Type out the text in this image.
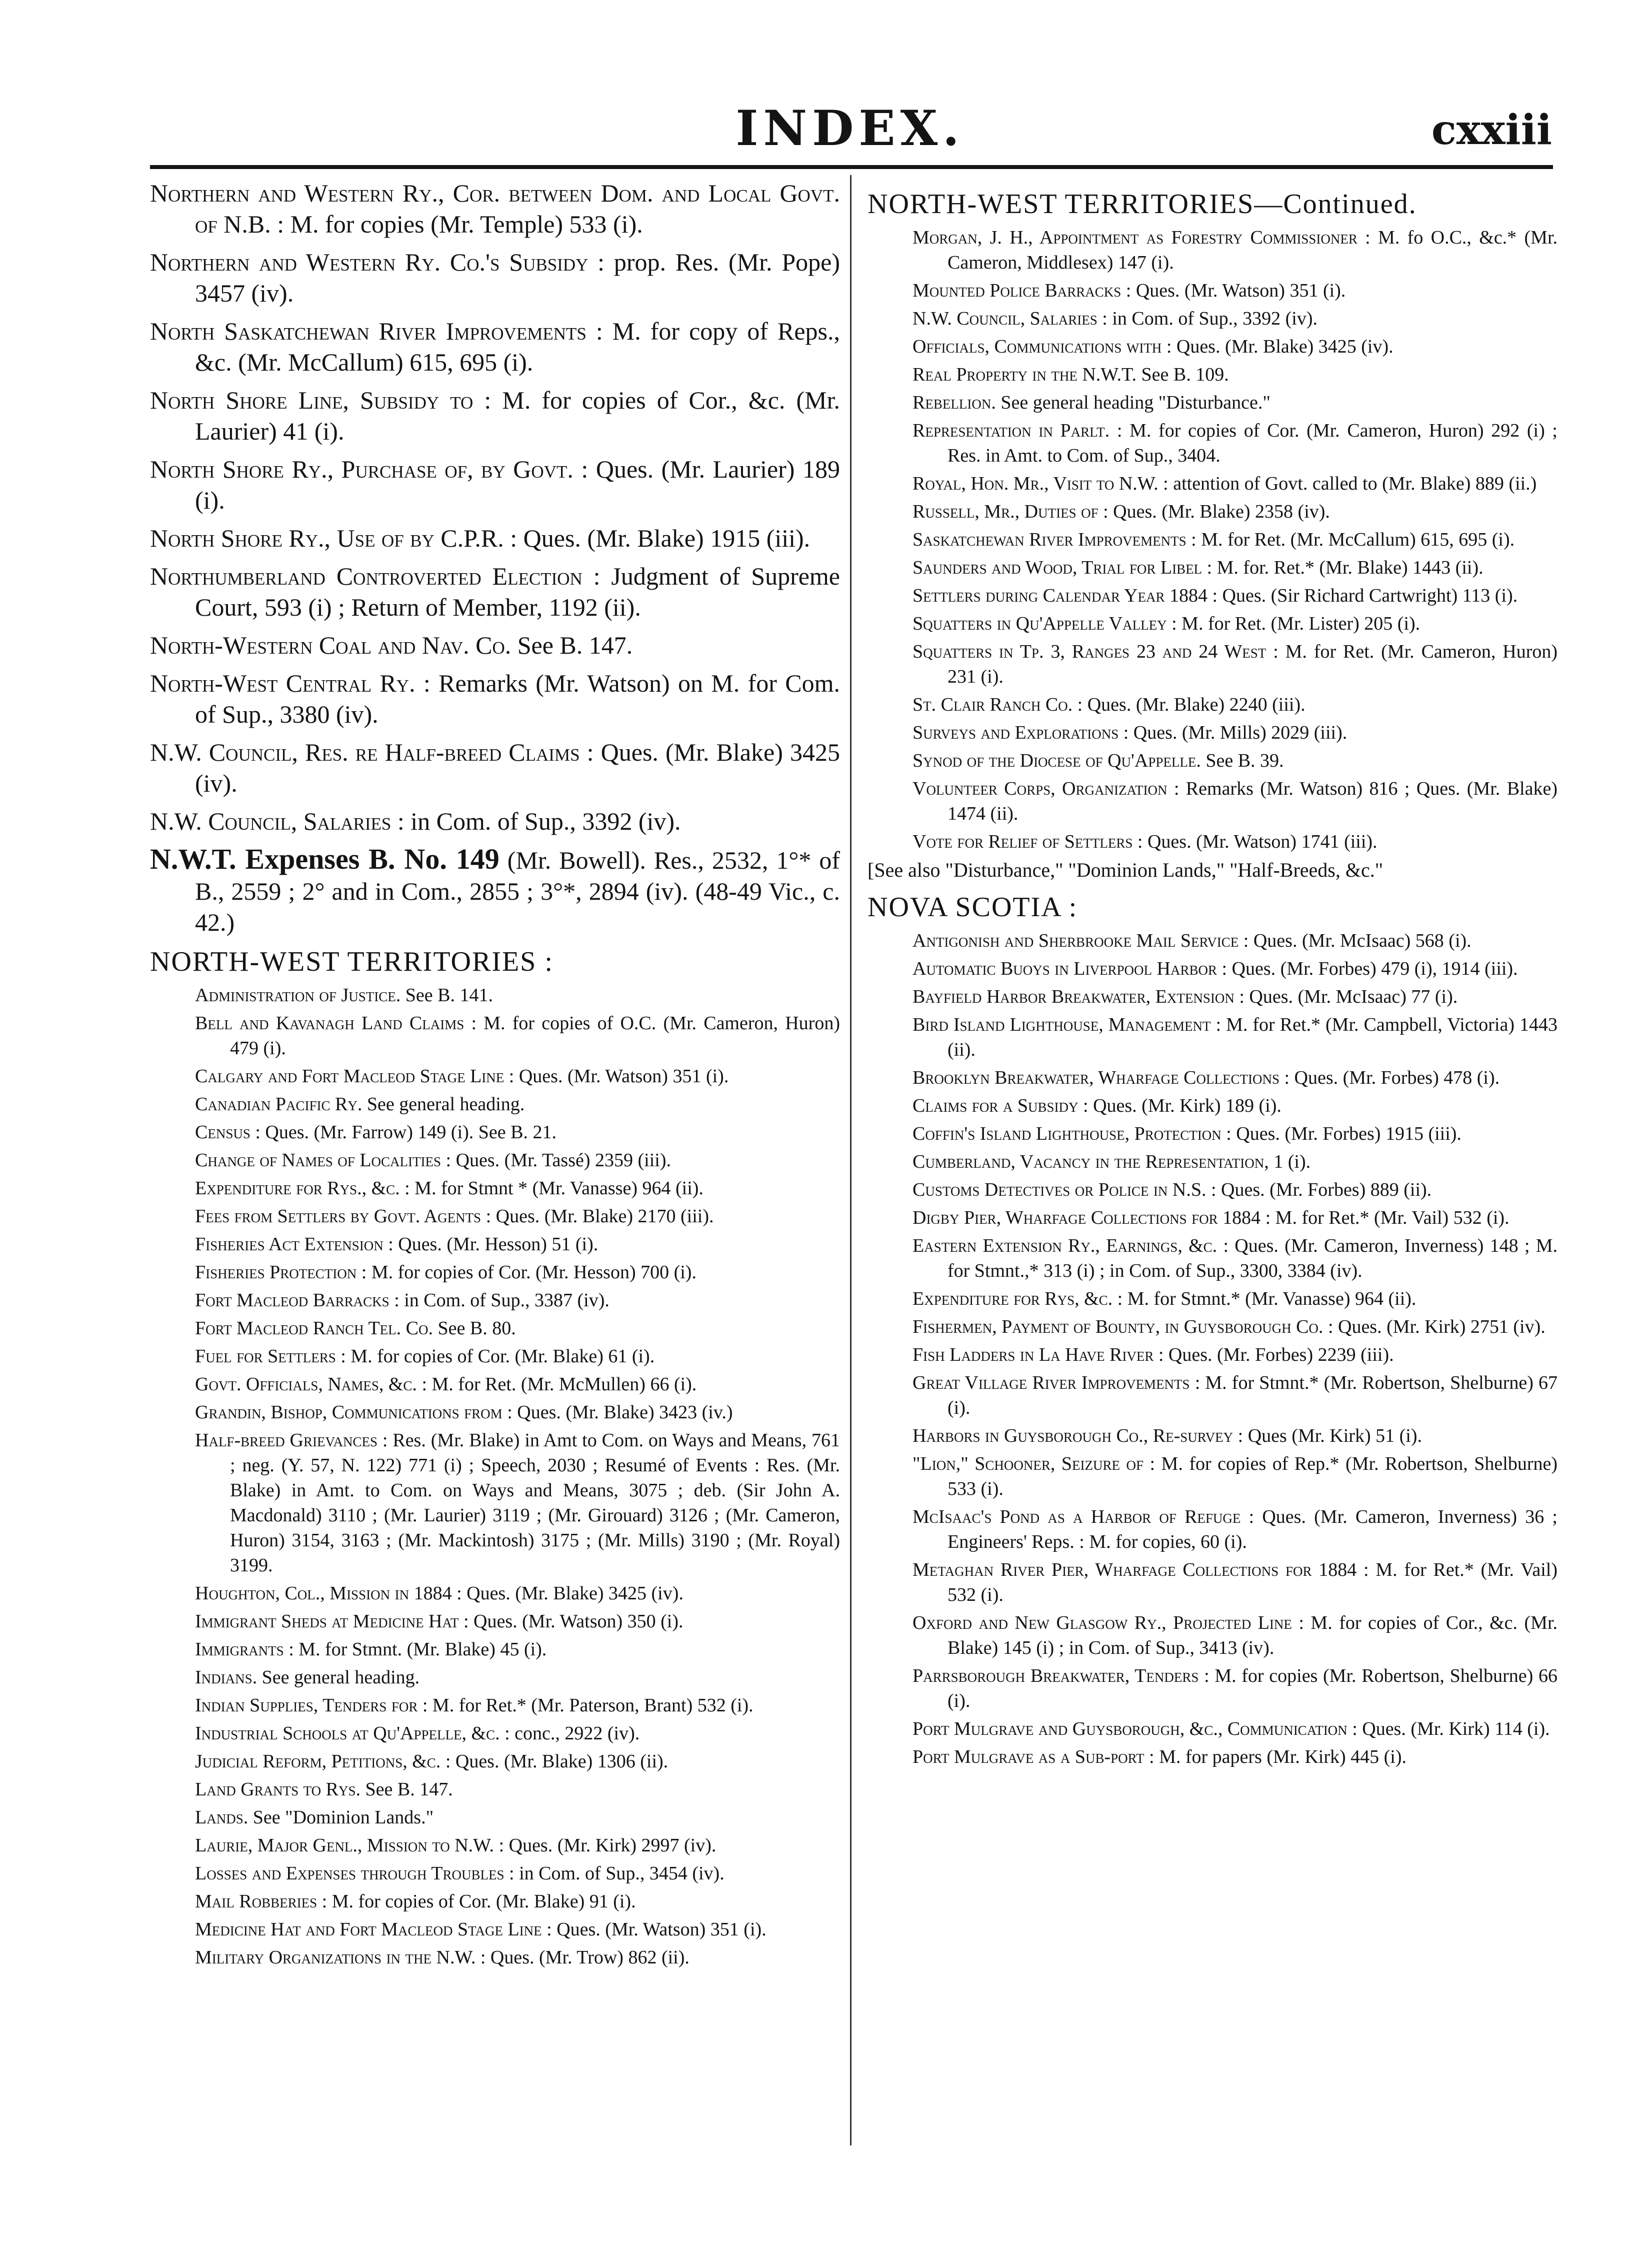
INDEX.	cxxiii

Northern and Western Ry., Cor. between Dom. and Local Govt. of N.B. : M. for copies (Mr. Temple) 533 (i).

Northern and Western Ry. Co.'s Subsidy : prop. Res. (Mr. Pope) 3457 (iv).

North Saskatchewan River Improvements : M. for copy of Reps., &c. (Mr. McCallum) 615, 695 (i).

North Shore Line, Subsidy to : M. for copies of Cor., &c. (Mr. Laurier) 41 (i).

North Shore Ry., Purchase of, by Govt. : Ques. (Mr. Laurier) 189 (i).

North Shore Ry., Use of by C.P.R. : Ques. (Mr. Blake) 1915 (iii).

Northumberland Controverted Election : Judgment of Supreme Court, 593 (i) ; Return of Member, 1192 (ii).

North-Western Coal and Nav. Co. See B. 147.

North-West Central Ry. : Remarks (Mr. Watson) on M. for Com. of Sup., 3380 (iv).

N.W. Council, Res. re Half-breed Claims : Ques. (Mr. Blake) 3425 (iv).

N.W. Council, Salaries : in Com. of Sup., 3392 (iv).

N.W.T. Expenses B. No. 149 (Mr. Bowell). Res., 2532, 1°* of B., 2559 ; 2° and in Com., 2855 ; 3°*, 2894 (iv). (48-49 Vic., c. 42.)

NORTH-WEST TERRITORIES :

Administration of Justice. See B. 141.

Bell and Kavanagh Land Claims : M. for copies of O.C. (Mr. Cameron, Huron) 479 (i).

Calgary and Fort Macleod Stage Line : Ques. (Mr. Watson) 351 (i).

Canadian Pacific Ry. See general heading.

Census : Ques. (Mr. Farrow) 149 (i). See B. 21.

Change of Names of Localities : Ques. (Mr. Tassé) 2359 (iii).

Expenditure for Rys., &c. : M. for Stmnt * (Mr. Vanasse) 964 (ii).

Fees from Settlers by Govt. Agents : Ques. (Mr. Blake) 2170 (iii).

Fisheries Act Extension : Ques. (Mr. Hesson) 51 (i).

Fisheries Protection : M. for copies of Cor. (Mr. Hesson) 700 (i).

Fort Macleod Barracks : in Com. of Sup., 3387 (iv).

Fort Macleod Ranch Tel. Co. See B. 80.

Fuel for Settlers : M. for copies of Cor. (Mr. Blake) 61 (i).

Govt. Officials, Names, &c. : M. for Ret. (Mr. McMullen) 66 (i).

Grandin, Bishop, Communications from : Ques. (Mr. Blake) 3423 (iv.)

Half-breed Grievances : Res. (Mr. Blake) in Amt to Com. on Ways and Means, 761 ; neg. (Y. 57, N. 122) 771 (i) ; Speech, 2030 ; Resumé of Events : Res. (Mr. Blake) in Amt. to Com. on Ways and Means, 3075 ; deb. (Sir John A. Macdonald) 3110 ; (Mr. Laurier) 3119 ; (Mr. Girouard) 3126 ; (Mr. Cameron, Huron) 3154, 3163 ; (Mr. Mackintosh) 3175 ; (Mr. Mills) 3190 ; (Mr. Royal) 3199.

Houghton, Col., Mission in 1884 : Ques. (Mr. Blake) 3425 (iv).

Immigrant Sheds at Medicine Hat : Ques. (Mr. Watson) 350 (i).

Immigrants : M. for Stmnt. (Mr. Blake) 45 (i).

Indians. See general heading.

Indian Supplies, Tenders for : M. for Ret.* (Mr. Paterson, Brant) 532 (i).

Industrial Schools at Qu'Appelle, &c. : conc., 2922 (iv).

Judicial Reform, Petitions, &c. : Ques. (Mr. Blake) 1306 (ii).

Land Grants to Rys. See B. 147.

Lands. See "Dominion Lands."

Laurie, Major Genl., Mission to N.W. : Ques. (Mr. Kirk) 2997 (iv).

Losses and Expenses through Troubles : in Com. of Sup., 3454 (iv).

Mail Robberies : M. for copies of Cor. (Mr. Blake) 91 (i).

Medicine Hat and Fort Macleod Stage Line : Ques. (Mr. Watson) 351 (i).

Military Organizations in the N.W. : Ques. (Mr. Trow) 862 (ii).

NORTH-WEST TERRITORIES—Continued.

Morgan, J. H., Appointment as Forestry Commissioner : M. fo O.C., &c.* (Mr. Cameron, Middlesex) 147 (i).

Mounted Police Barracks : Ques. (Mr. Watson) 351 (i).

N.W. Council, Salaries : in Com. of Sup., 3392 (iv).

Officials, Communications with : Ques. (Mr. Blake) 3425 (iv).

Real Property in the N.W.T. See B. 109.

Rebellion. See general heading "Disturbance."

Representation in Parlt. : M. for copies of Cor. (Mr. Cameron, Huron) 292 (i) ; Res. in Amt. to Com. of Sup., 3404.

Royal, Hon. Mr., Visit to N.W. : attention of Govt. called to (Mr. Blake) 889 (ii.)

Russell, Mr., Duties of : Ques. (Mr. Blake) 2358 (iv).

Saskatchewan River Improvements : M. for Ret. (Mr. McCallum) 615, 695 (i).

Saunders and Wood, Trial for Libel : M. for. Ret.* (Mr. Blake) 1443 (ii).

Settlers during Calendar Year 1884 : Ques. (Sir Richard Cartwright) 113 (i).

Squatters in Qu'Appelle Valley : M. for Ret. (Mr. Lister) 205 (i).

Squatters in Tp. 3, Ranges 23 and 24 West : M. for Ret. (Mr. Cameron, Huron) 231 (i).

St. Clair Ranch Co. : Ques. (Mr. Blake) 2240 (iii).

Surveys and Explorations : Ques. (Mr. Mills) 2029 (iii).

Synod of the Diocese of Qu'Appelle. See B. 39.

Volunteer Corps, Organization : Remarks (Mr. Watson) 816 ; Ques. (Mr. Blake) 1474 (ii).

Vote for Relief of Settlers : Ques. (Mr. Watson) 1741 (iii).

[See also "Disturbance," "Dominion Lands," "Half-Breeds, &c."
NOVA SCOTIA :

Antigonish and Sherbrooke Mail Service : Ques. (Mr. McIsaac) 568 (i).

Automatic Buoys in Liverpool Harbor : Ques. (Mr. Forbes) 479 (i), 1914 (iii).

Bayfield Harbor Breakwater, Extension : Ques. (Mr. McIsaac) 77 (i).

Bird Island Lighthouse, Management : M. for Ret.* (Mr. Campbell, Victoria) 1443 (ii).

Brooklyn Breakwater, Wharfage Collections : Ques. (Mr. Forbes) 478 (i).

Claims for a Subsidy : Ques. (Mr. Kirk) 189 (i).

Coffin's Island Lighthouse, Protection : Ques. (Mr. Forbes) 1915 (iii).

Cumberland, Vacancy in the Representation, 1 (i).

Customs Detectives or Police in N.S. : Ques. (Mr. Forbes) 889 (ii).

Digby Pier, Wharfage Collections for 1884 : M. for Ret.* (Mr. Vail) 532 (i).

Eastern Extension Ry., Earnings, &c. : Ques. (Mr. Cameron, Inverness) 148 ; M. for Stmnt.,* 313 (i) ; in Com. of Sup., 3300, 3384 (iv).

Expenditure for Rys, &c. : M. for Stmnt.* (Mr. Vanasse) 964 (ii).

Fishermen, Payment of Bounty, in Guysborough Co. : Ques. (Mr. Kirk) 2751 (iv).

Fish Ladders in La Have River : Ques. (Mr. Forbes) 2239 (iii).

Great Village River Improvements : M. for Stmnt.* (Mr. Robertson, Shelburne) 67 (i).

Harbors in Guysborough Co., Re-survey : Ques (Mr. Kirk) 51 (i).

"Lion," Schooner, Seizure of : M. for copies of Rep.* (Mr. Robertson, Shelburne) 533 (i).

McIsaac's Pond as a Harbor of Refuge : Ques. (Mr. Cameron, Inverness) 36 ; Engineers' Reps. : M. for copies, 60 (i).

Metaghan River Pier, Wharfage Collections for 1884 : M. for Ret.* (Mr. Vail) 532 (i).

Oxford and New Glasgow Ry., Projected Line : M. for copies of Cor., &c. (Mr. Blake) 145 (i) ; in Com. of Sup., 3413 (iv).

Parrsborough Breakwater, Tenders : M. for copies (Mr. Robertson, Shelburne) 66 (i).

Port Mulgrave and Guysborough, &c., Communication : Ques. (Mr. Kirk) 114 (i).

Port Mulgrave as a Sub-port : M. for papers (Mr. Kirk) 445 (i).
